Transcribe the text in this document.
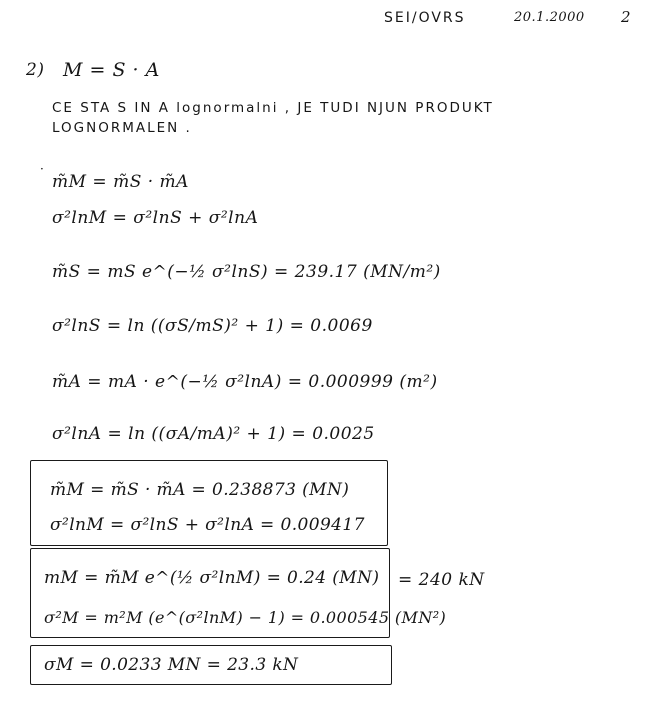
SEI/OVRS	20.1.2000 2
2) M = S · A
CE STA S IN A lognormalni , JE TUDI NJUN PRODUKT
LOGNORMALEN .
·
m̃M = m̃S · m̃A
σ²lnM = σ²lnS + σ²lnA
m̃S = mS e^(−½ σ²lnS) = 239.17 (MN/m²)
σ²lnS = ln ((σS/mS)² + 1) = 0.0069
m̃A = mA · e^(−½ σ²lnA) = 0.000999 (m²)
σ²lnA = ln ((σA/mA)² + 1) = 0.0025
m̃M = m̃S · m̃A = 0.238873 (MN)
σ²lnM = σ²lnS + σ²lnA = 0.009417
mM = m̃M e^(½ σ²lnM) = 0.24 (MN)
σ²M = m²M (e^(σ²lnM) − 1) = 0.000545 (MN²)
= 240 kN
σM = 0.0233 MN = 23.3 kN
